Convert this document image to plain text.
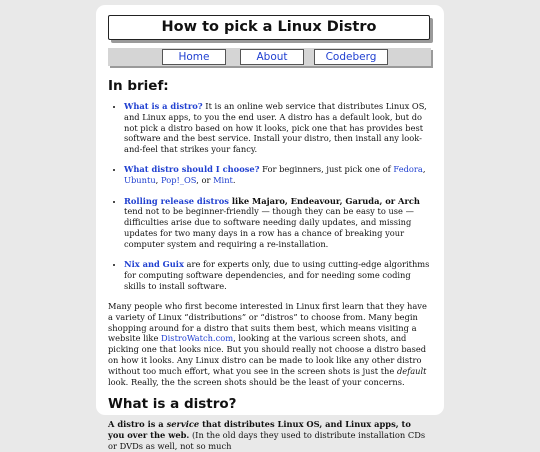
How to pick a Linux Distro
Home	About	Codeberg
In brief:
• What is a distro? It is an online web service that distributes Linux OS, and Linux apps, to you the end user. A distro has a default look, but do not pick a distro based on how it looks, pick one that has provides best software and the best service. Install your distro, then install any look-and-feel that strikes your fancy.
• What distro should I choose? For beginners, just pick one of Fedora, Ubuntu, Pop!_OS, or Mint.
• Rolling release distros like Majaro, Endeavour, Garuda, or Arch tend not to be beginner-friendly — though they can be easy to use — difficulties arise due to software needing daily updates, and missing updates for two many days in a row has a chance of breaking your computer system and requiring a re-installation.
• Nix and Guix are for experts only, due to using cutting-edge algorithms for computing software dependencies, and for needing some coding skills to install software.

Many people who first become interested in Linux first learn that they have a variety of Linux “distributions” or “distros” to choose from. Many begin shopping around for a distro that suits them best, which means visiting a website like DistroWatch.com, looking at the various screen shots, and picking one that looks nice. But you should really not choose a distro based on how it looks. Any Linux distro can be made to look like any other distro without too much effort, what you see in the screen shots is just the default look. Really, the the screen shots should be the least of your concerns.

What is a distro?

A distro is a service that distributes Linux OS, and Linux apps, to you over the web. (In the old days they used to distribute installation CDs or DVDs as well, not so much
